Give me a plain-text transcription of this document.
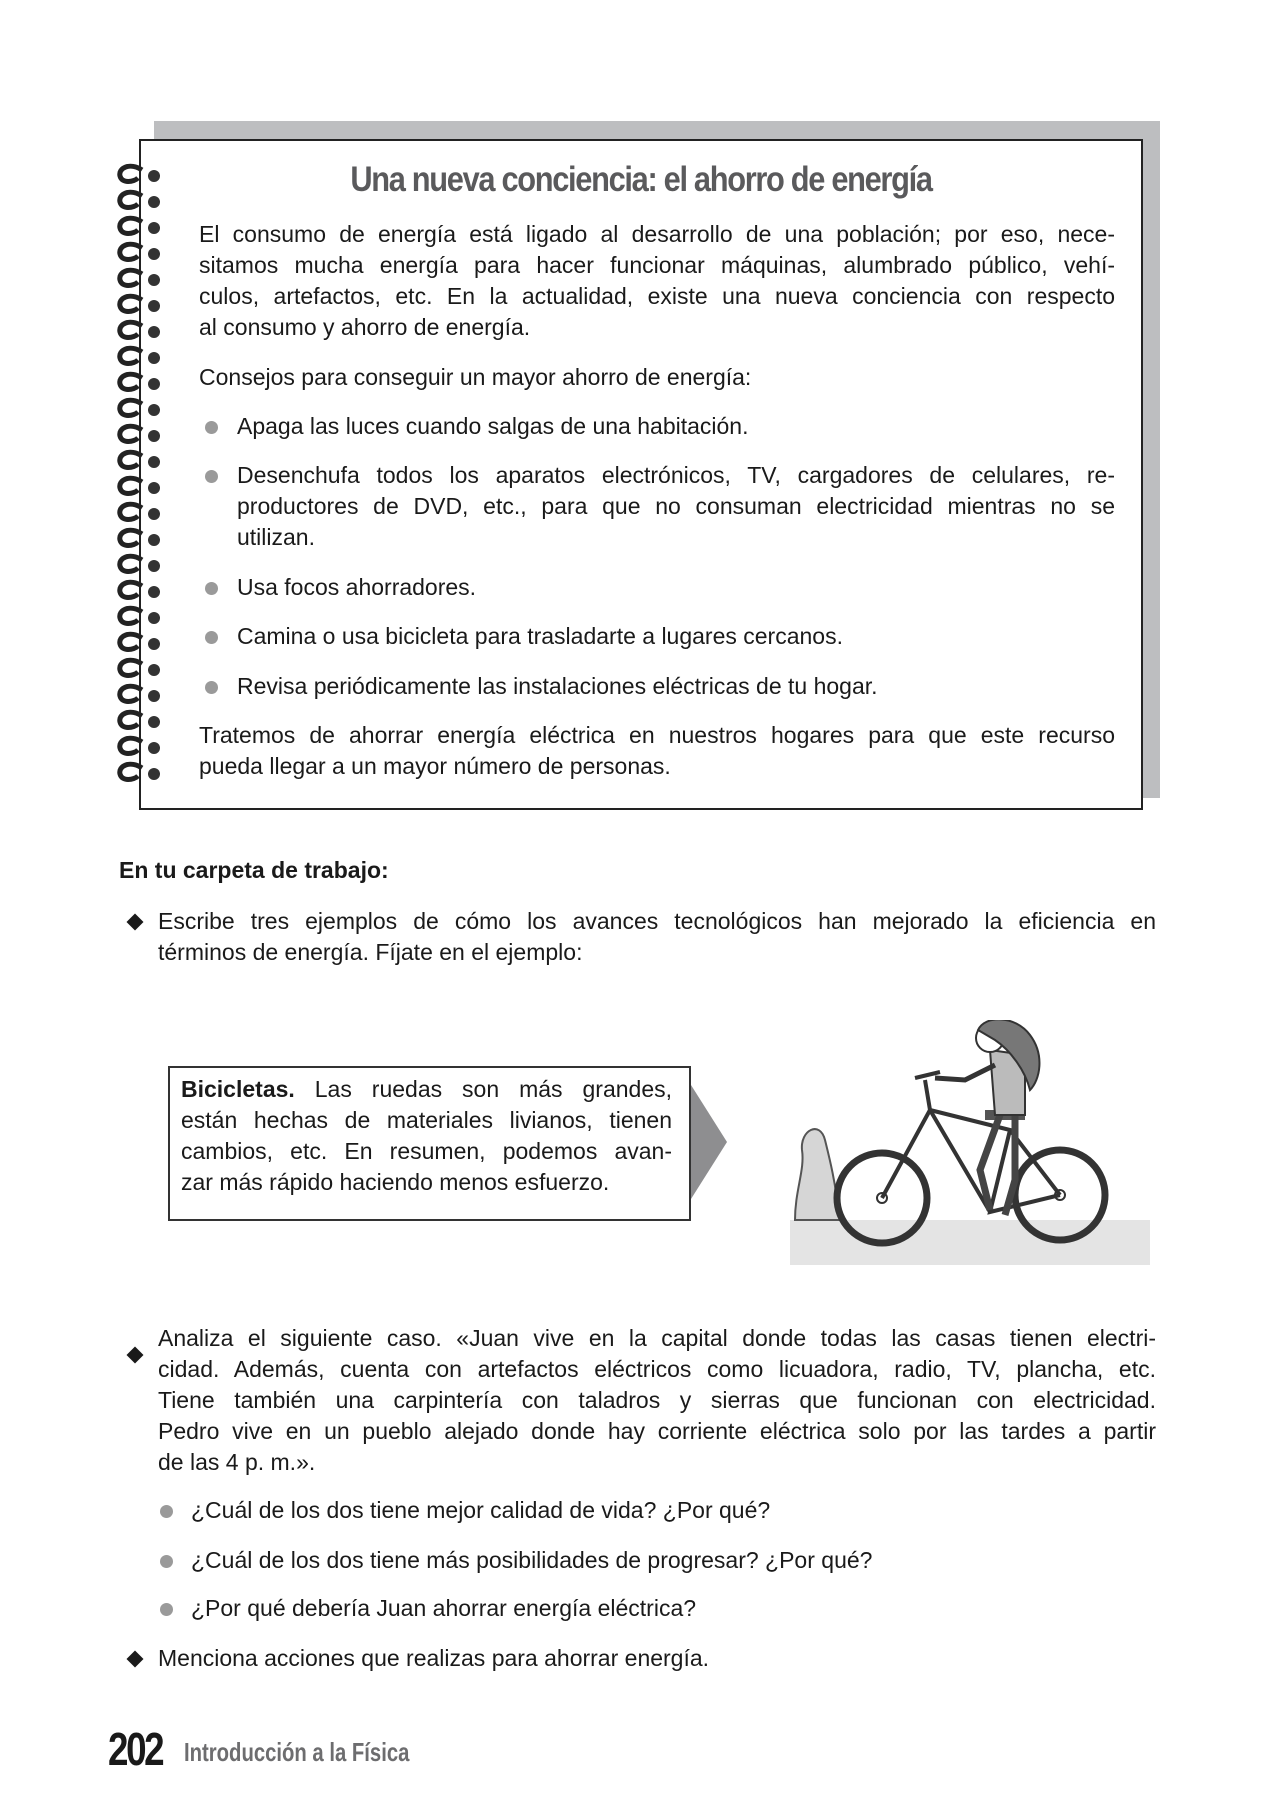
Una nueva conciencia: el ahorro de energía
El consumo de energía está ligado al desarrollo de una población; por eso, nece-
sitamos mucha energía para hacer funcionar máquinas, alumbrado público, vehí-
culos, artefactos, etc. En la actualidad, existe una nueva conciencia con respecto
al consumo y ahorro de energía.
Consejos para conseguir un mayor ahorro de energía:
Apaga las luces cuando salgas de una habitación.
Desenchufa todos los aparatos electrónicos, TV, cargadores de celulares, re-
productores de DVD, etc., para que no consuman electricidad mientras no se
utilizan.
Usa focos ahorradores.
Camina o usa bicicleta para trasladarte a lugares cercanos.
Revisa periódicamente las instalaciones eléctricas de tu hogar.
Tratemos de ahorrar energía eléctrica en nuestros hogares para que este recurso
pueda llegar a un mayor número de personas.
En tu carpeta de trabajo:
Escribe tres ejemplos de cómo los avances tecnológicos han mejorado la eficiencia en
términos de energía. Fíjate en el ejemplo:
Bicicletas. Las ruedas son más grandes,
están hechas de materiales livianos, tienen
cambios, etc. En resumen, podemos avan-
zar más rápido haciendo menos esfuerzo.
Analiza el siguiente caso. «Juan vive en la capital donde todas las casas tienen electri-
cidad. Además, cuenta con artefactos eléctricos como licuadora, radio, TV, plancha, etc.
Tiene también una carpintería con taladros y sierras que funcionan con electricidad.
Pedro vive en un pueblo alejado donde hay corriente eléctrica solo por las tardes a partir
de las 4 p. m.».
¿Cuál de los dos tiene mejor calidad de vida? ¿Por qué?
¿Cuál de los dos tiene más posibilidades de progresar? ¿Por qué?
¿Por qué debería Juan ahorrar energía eléctrica?
Menciona acciones que realizas para ahorrar energía.
202 Introducción a la Física
